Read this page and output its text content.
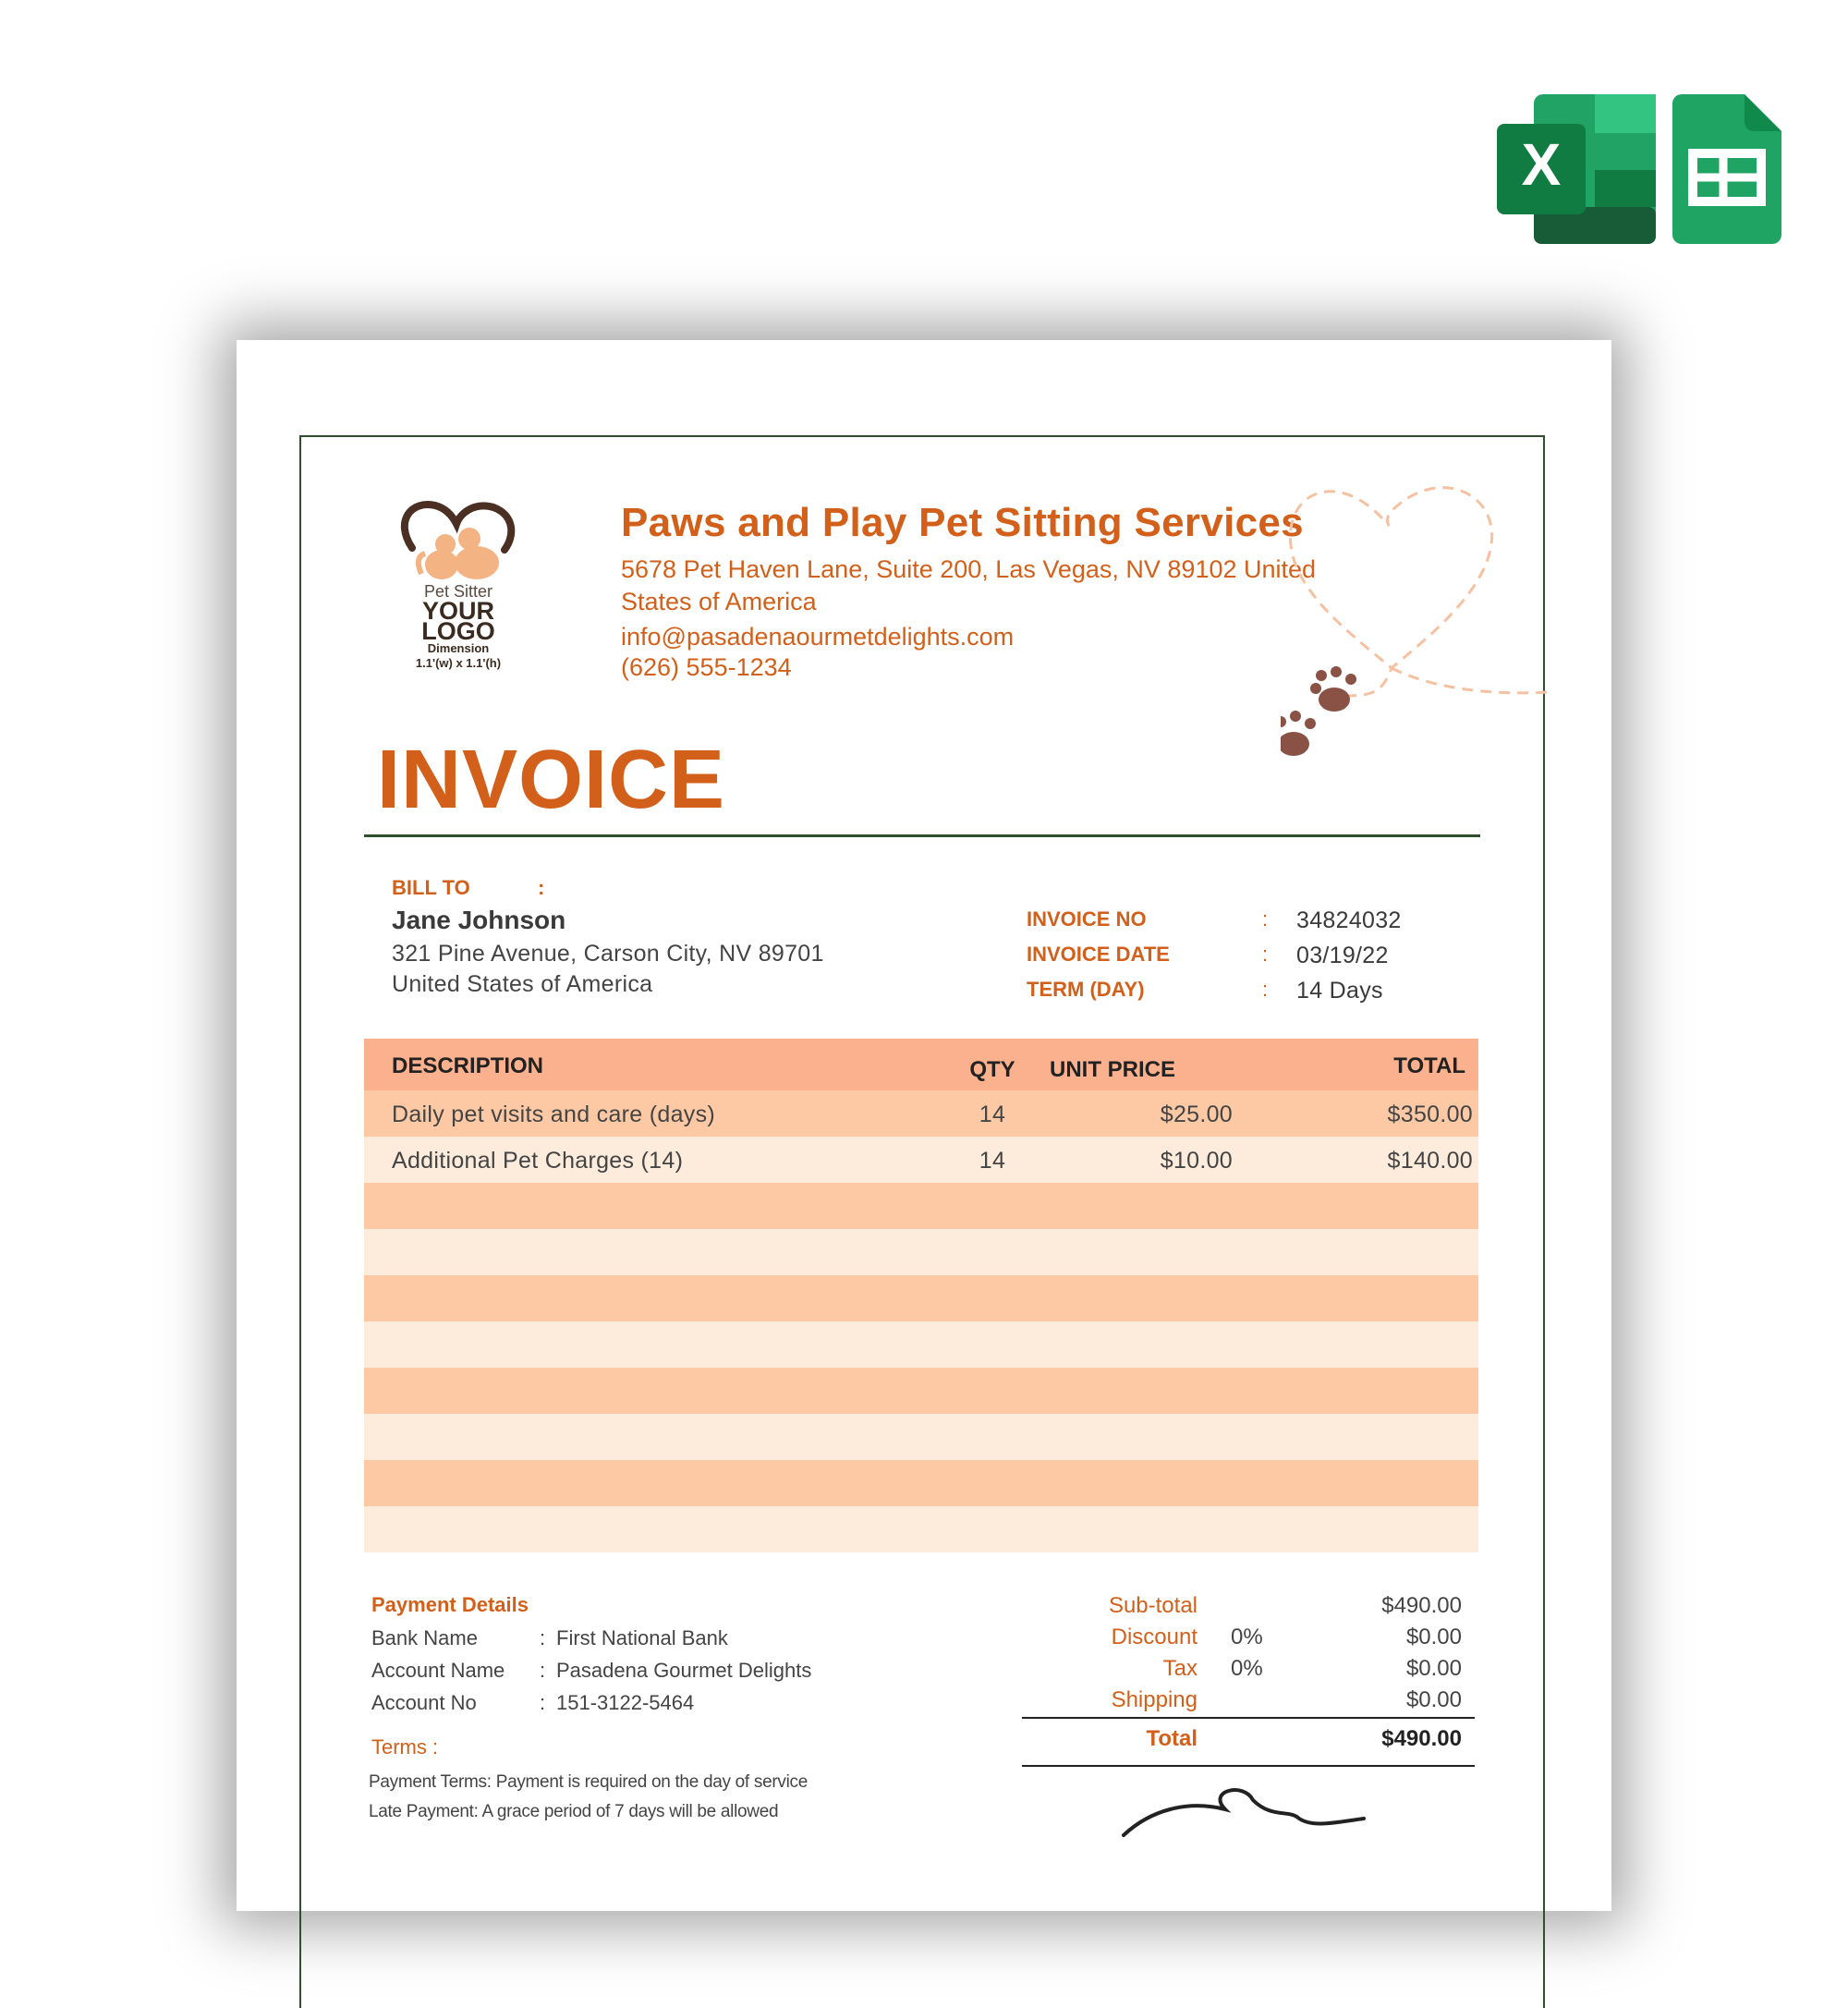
X
Pet Sitter
YOUR
LOGO
Dimension
1.1'(w) x 1.1'(h)
Paws and Play Pet Sitting Services
5678 Pet Haven Lane, Suite 200, Las Vegas, NV 89102 United
States of America
info@pasadenaourmetdelights.com
(626) 555-1234
INVOICE
BILL TO	:
Jane Johnson
321 Pine Avenue, Carson City, NV 89701
United States of America
INVOICE NO	: 34824032
INVOICE DATE	: 03/19/22
TERM (DAY)	: 14 Days
DESCRIPTION	QTY	UNIT PRICE	TOTAL
Daily pet visits and care (days)	14	$25.00	$350.00
Additional Pet Charges (14)	14	$10.00	$140.00
Payment Details
Bank Name	: First National Bank
Account Name : Pasadena Gourmet Delights
Account No	: 151-3122-5464
Terms :
Payment Terms: Payment is required on the day of service
Late Payment: A grace period of 7 days will be allowed
Sub-total	$490.00
Discount 0%	$0.00
Tax 0%	$0.00
Shipping	$0.00
Total	$490.00
